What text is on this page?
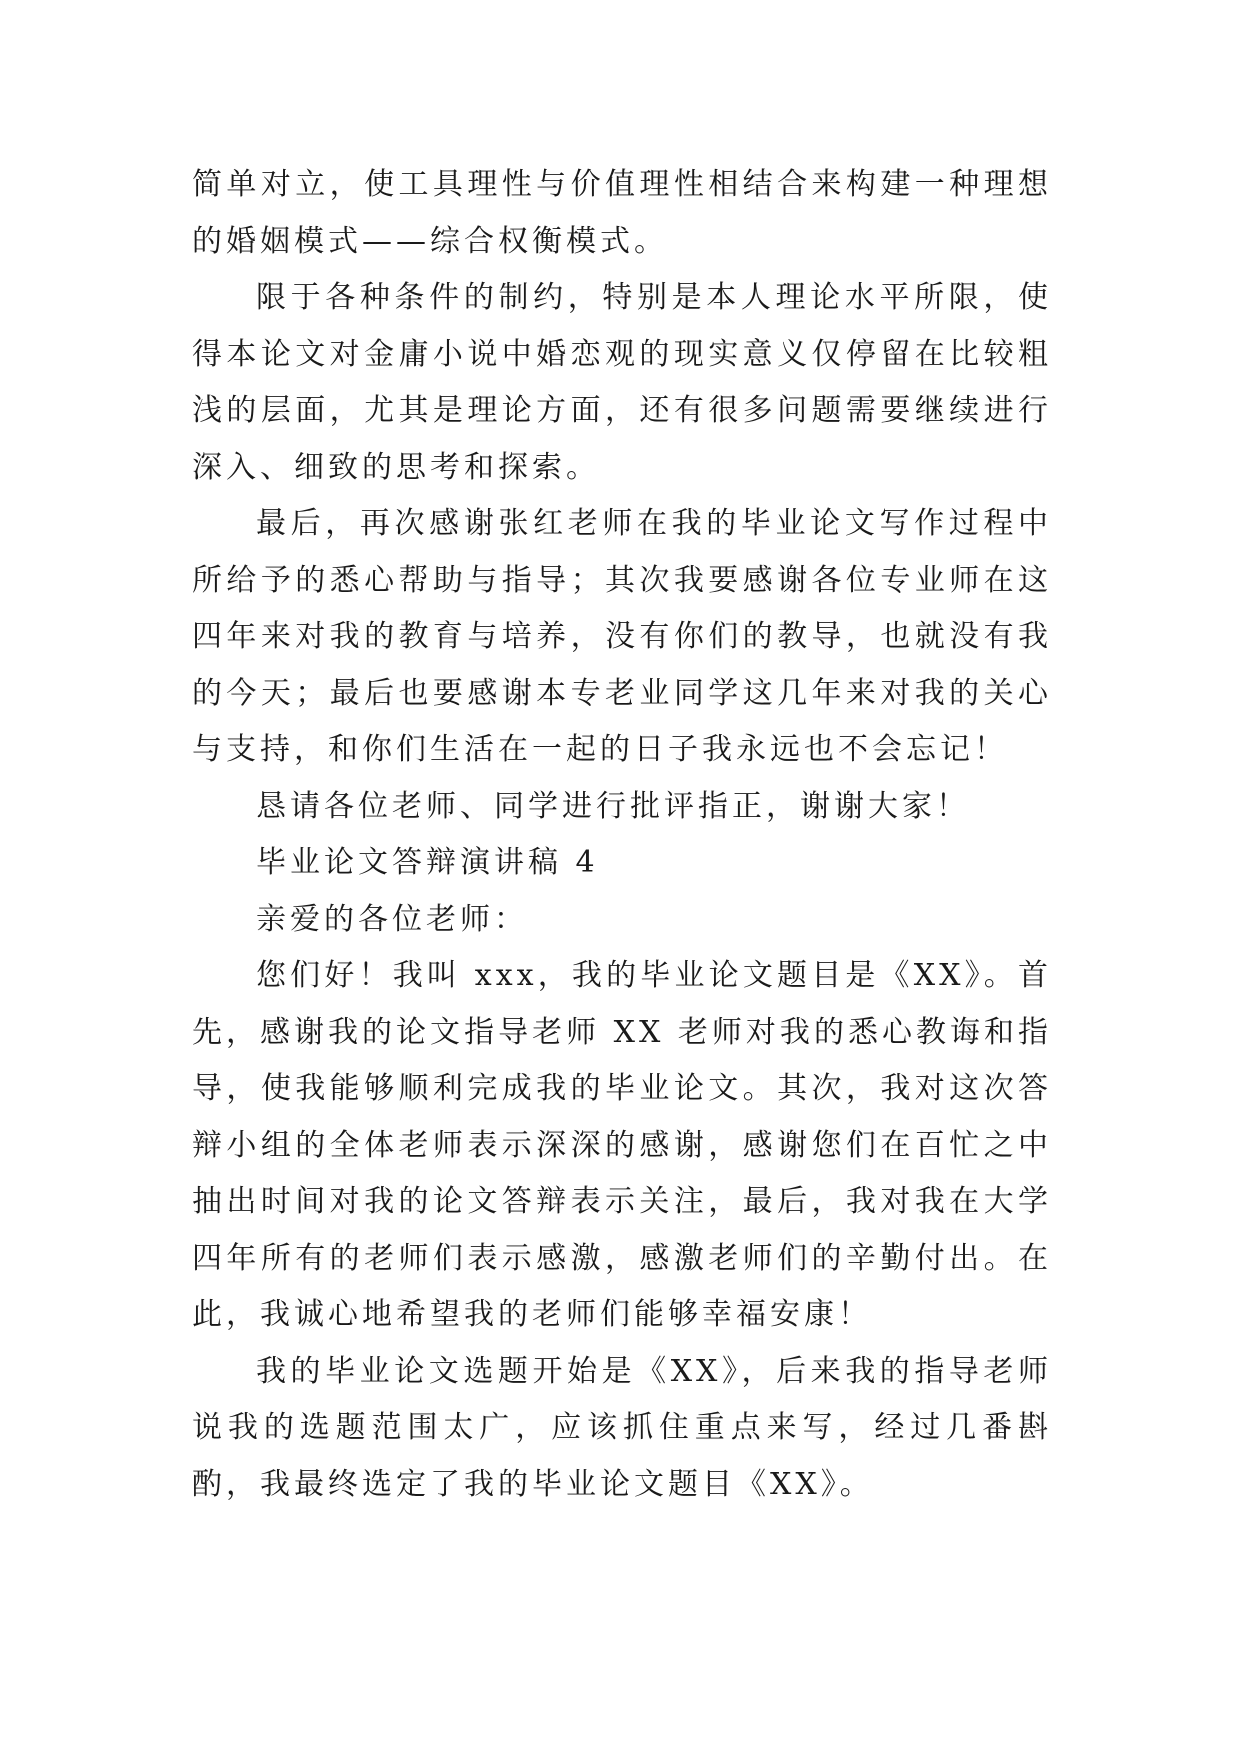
简单对立，使工具理性与价值理性相结合来构建一种理想的婚姻模式——综合权衡模式。

限于各种条件的制约，特别是本人理论水平所限，使得本论文对金庸小说中婚恋观的现实意义仅停留在比较粗浅的层面，尤其是理论方面，还有很多问题需要继续进行深入、细致的思考和探索。

最后，再次感谢张红老师在我的毕业论文写作过程中所给予的悉心帮助与指导；其次我要感谢各位专业师在这四年来对我的教育与培养，没有你们的教导，也就没有我的今天；最后也要感谢本专老业同学这几年来对我的关心与支持，和你们生活在一起的日子我永远也不会忘记！

恳请各位老师、同学进行批评指正，谢谢大家！

毕业论文答辩演讲稿 4

亲爱的各位老师：

您们好！我叫 xxx，我的毕业论文题目是《XX》。首先，感谢我的论文指导老师 XX 老师对我的悉心教诲和指导，使我能够顺利完成我的毕业论文。其次，我对这次答辩小组的全体老师表示深深的感谢，感谢您们在百忙之中抽出时间对我的论文答辩表示关注，最后，我对我在大学四年所有的老师们表示感激，感激老师们的辛勤付出。在此，我诚心地希望我的老师们能够幸福安康！

我的毕业论文选题开始是《XX》，后来我的指导老师说我的选题范围太广，应该抓住重点来写，经过几番斟酌，我最终选定了我的毕业论文题目《XX》。
